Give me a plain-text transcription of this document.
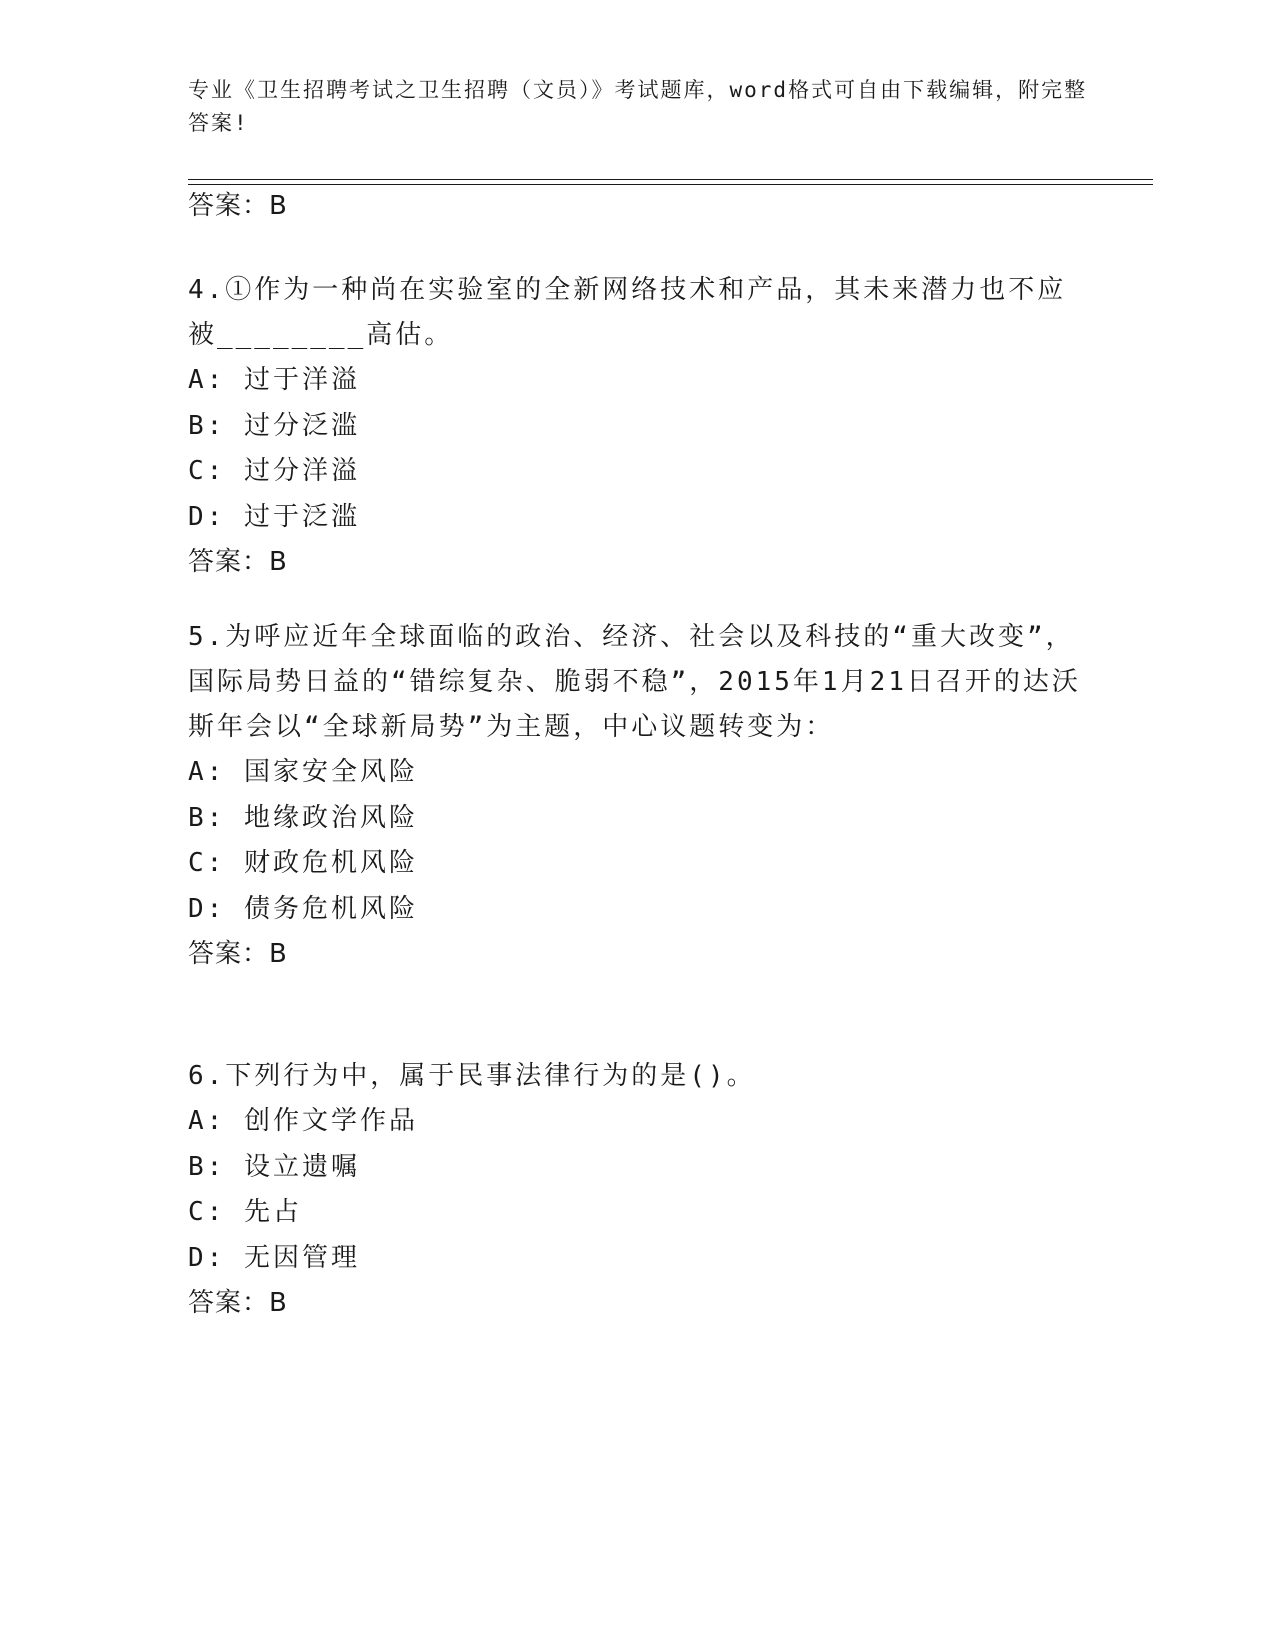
专业《卫生招聘考试之卫生招聘（文员）》考试题库，word格式可自由下载编辑，附完整答案!
答案：B

4.①作为一种尚在实验室的全新网络技术和产品，其未来潜力也不应被________高估。

A: 过于洋溢

B: 过分泛滥

C: 过分洋溢

D: 过于泛滥

答案：B

5.为呼应近年全球面临的政治、经济、社会以及科技的“重大改变”，国际局势日益的“错综复杂、脆弱不稳”，2015年1月21日召开的达沃斯年会以“全球新局势”为主题，中心议题转变为：

A: 国家安全风险

B: 地缘政治风险

C: 财政危机风险

D: 债务危机风险

答案：B

6.下列行为中，属于民事法律行为的是()。

A: 创作文学作品

B: 设立遗嘱

C: 先占

D: 无因管理

答案：B
